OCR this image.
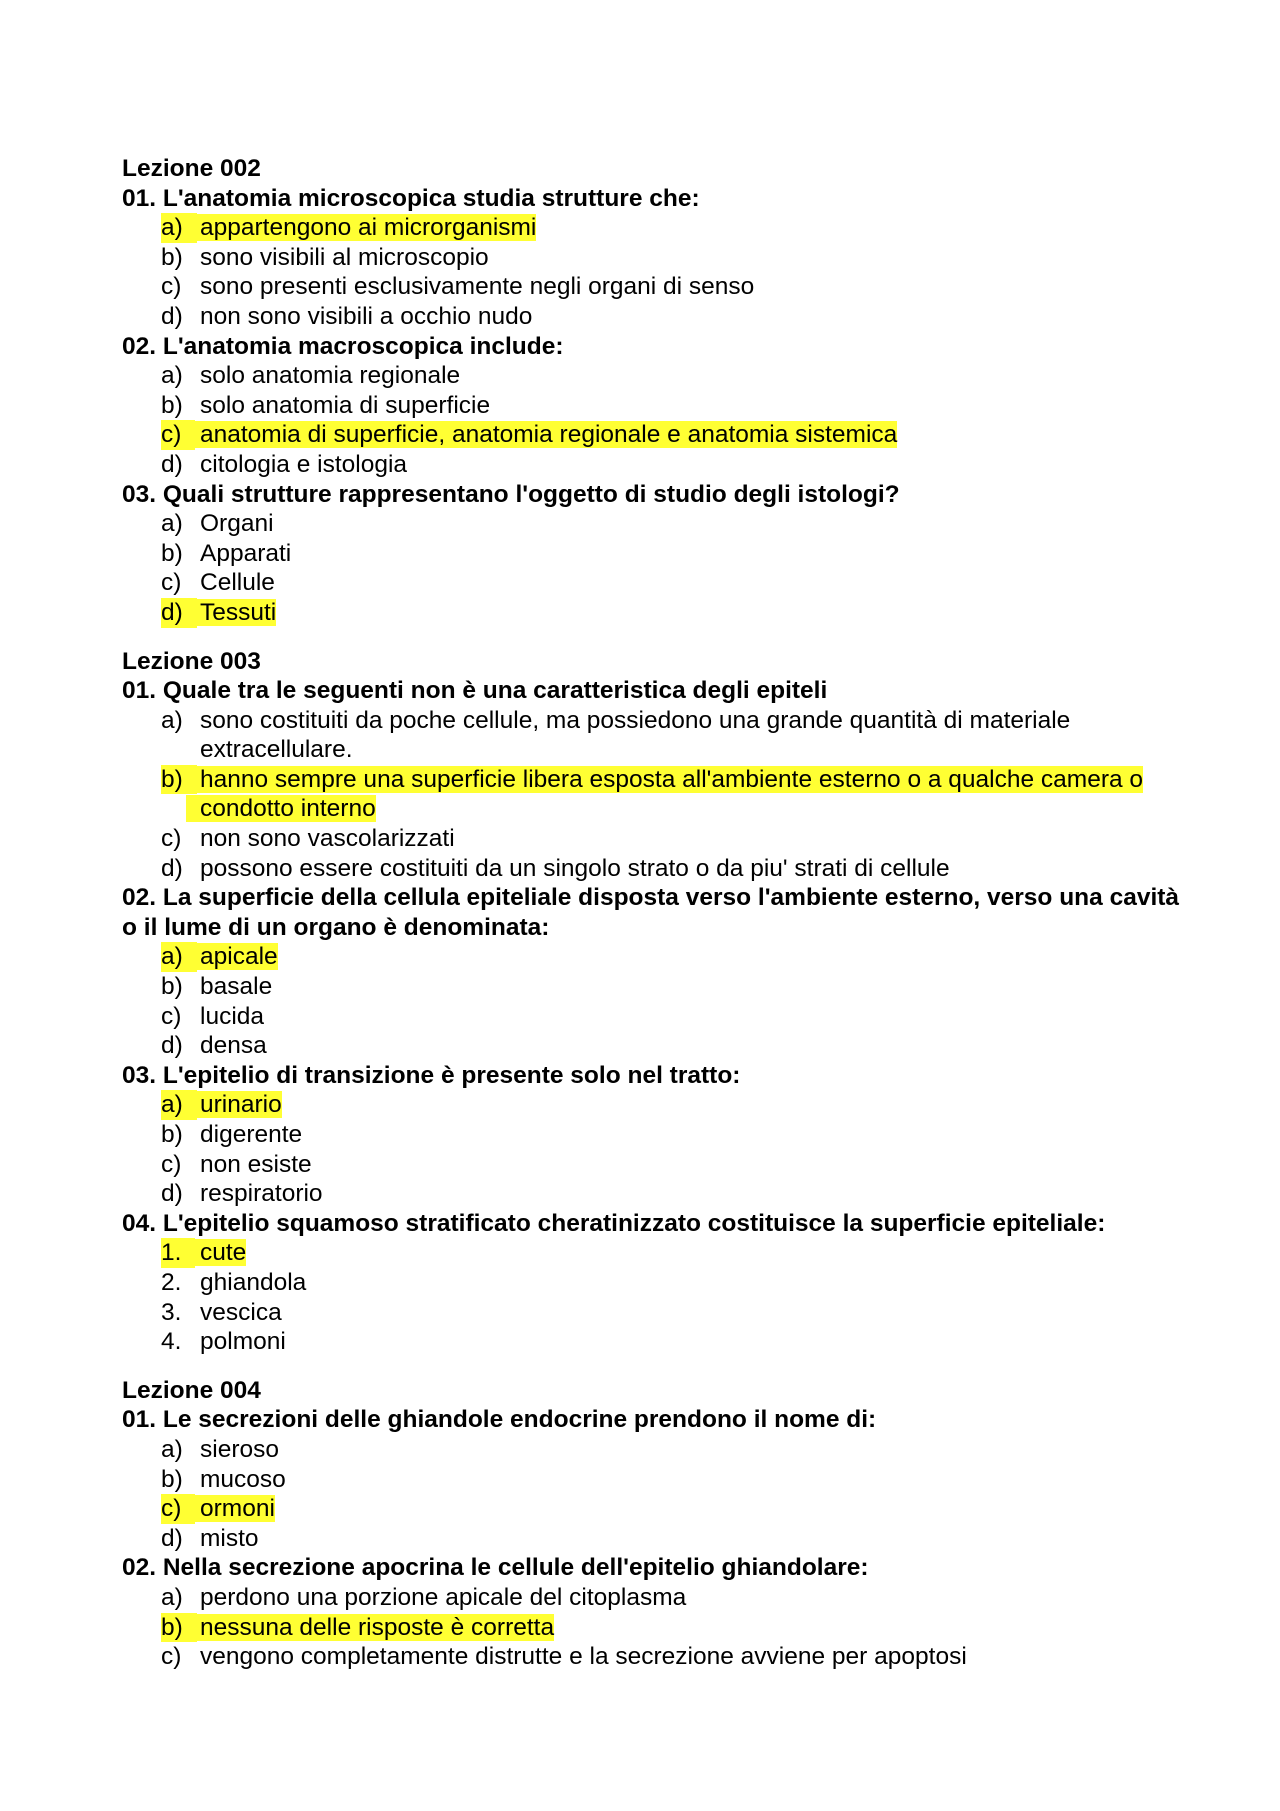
Lezione 002

01. L'anatomia microscopica studia strutture che:

a) appartengono ai microrganismi
b) sono visibili al microscopio
c) sono presenti esclusivamente negli organi di senso
d) non sono visibili a occhio nudo

02. L'anatomia macroscopica include:

a) solo anatomia regionale
b) solo anatomia di superficie
c) anatomia di superficie, anatomia regionale e anatomia sistemica
d) citologia e istologia

03. Quali strutture rappresentano l'oggetto di studio degli istologi?

a) Organi
b) Apparati
c) Cellule
d) Tessuti

Lezione 003

01. Quale tra le seguenti non è una caratteristica degli epiteli

a) sono costituiti da poche cellule, ma possiedono una grande quantità di materiale extracellulare.
b) hanno sempre una superficie libera esposta all'ambiente esterno o a qualche camera o condotto interno
c) non sono vascolarizzati
d) possono essere costituiti da un singolo strato o da piu' strati di cellule

02. La superficie della cellula epiteliale disposta verso l'ambiente esterno, verso una cavità o il lume di un organo è denominata:

a) apicale
b) basale
c) lucida
d) densa

03. L'epitelio di transizione è presente solo nel tratto:

a) urinario
b) digerente
c) non esiste
d) respiratorio

04. L'epitelio squamoso stratificato cheratinizzato costituisce la superficie epiteliale:

1. cute
2. ghiandola
3. vescica
4. polmoni

Lezione 004

01. Le secrezioni delle ghiandole endocrine prendono il nome di:

a) sieroso
b) mucoso
c) ormoni
d) misto

02. Nella secrezione apocrina le cellule dell'epitelio ghiandolare:

a) perdono una porzione apicale del citoplasma
b) nessuna delle risposte è corretta
c) vengono completamente distrutte e la secrezione avviene per apoptosi
